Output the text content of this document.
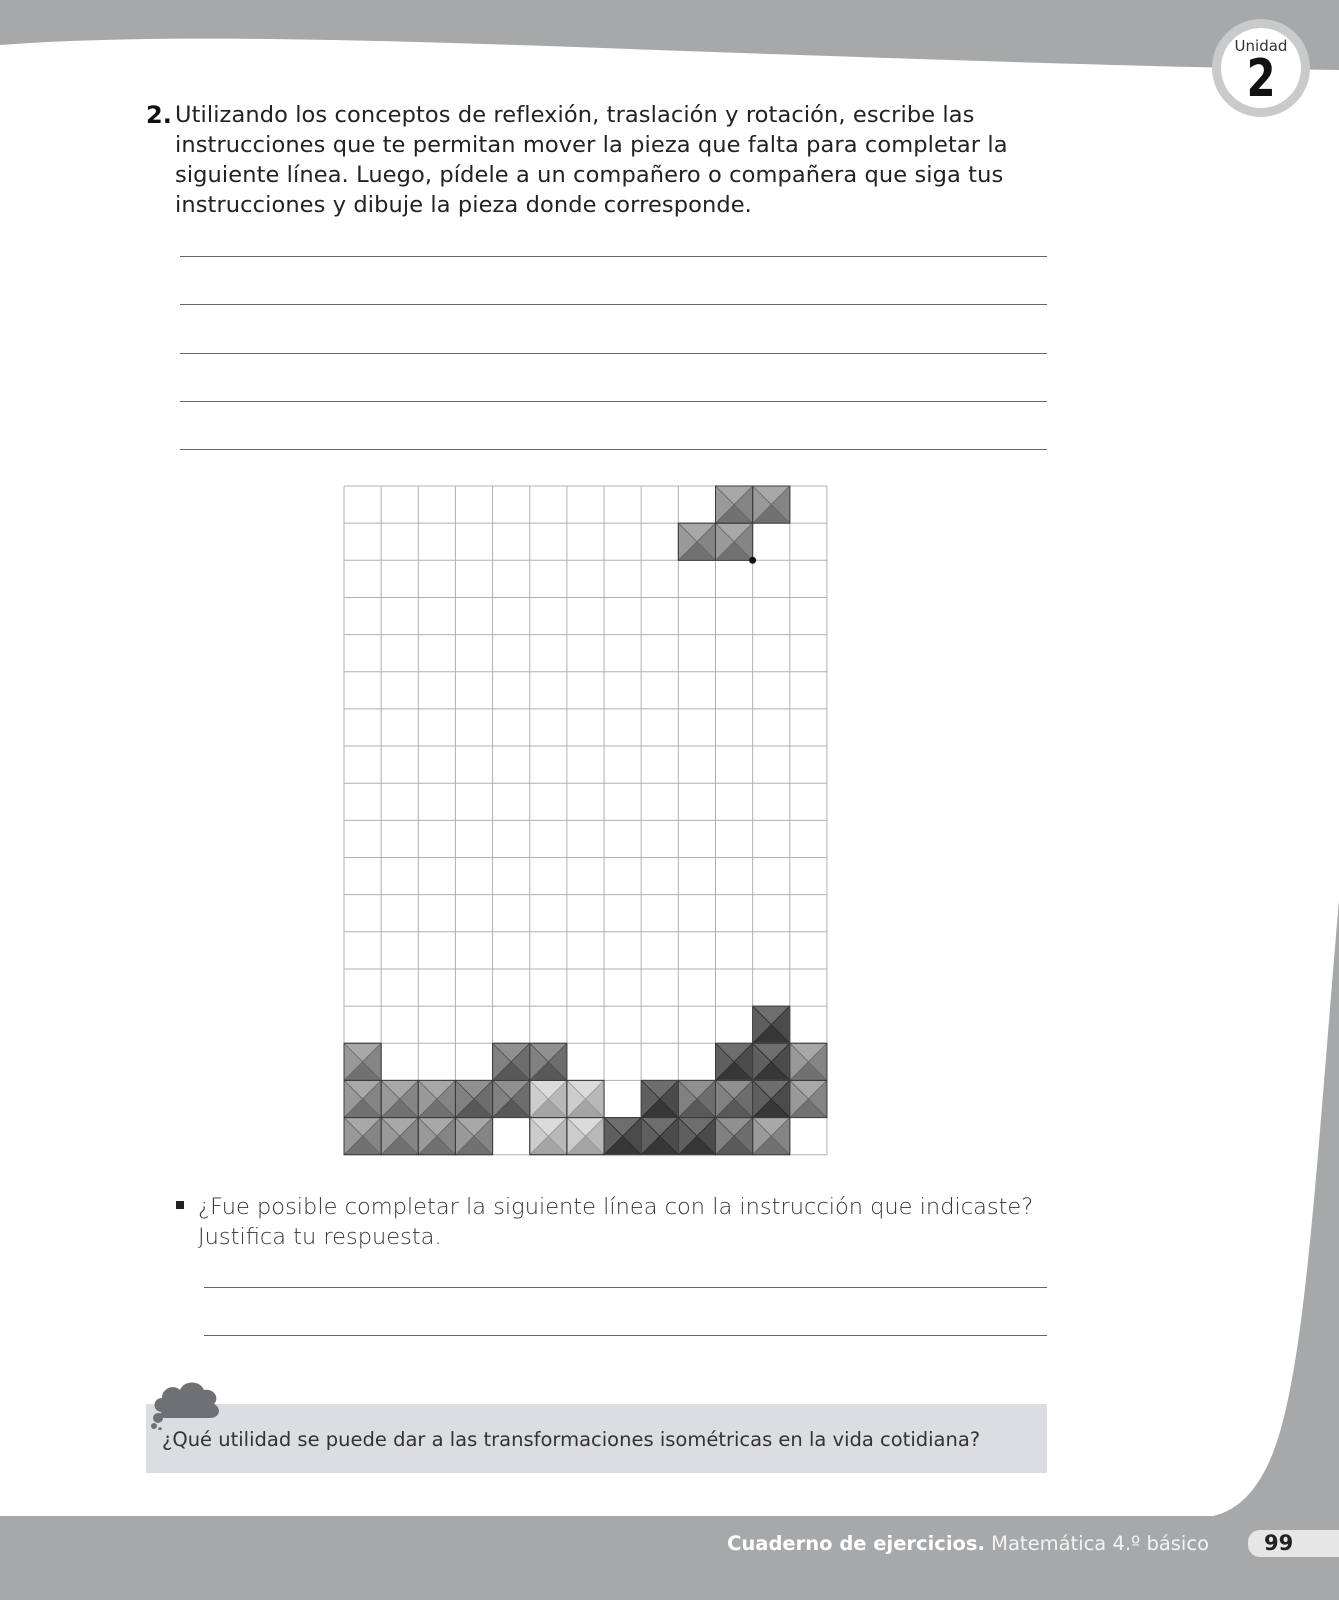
Unidad
2
2. Utilizando los conceptos de reflexión, traslación y rotación, escribe las instrucciones que te permitan mover la pieza que falta para completar la siguiente línea. Luego, pídele a un compañero o compañera que siga tus instrucciones y dibuje la pieza donde corresponde.
¿Fue posible completar la siguiente línea con la instrucción que indicaste? Justifica tu respuesta.
¿Qué utilidad se puede dar a las transformaciones isométricas en la vida cotidiana?
Cuaderno de ejercicios. Matemática 4.º básico	99
